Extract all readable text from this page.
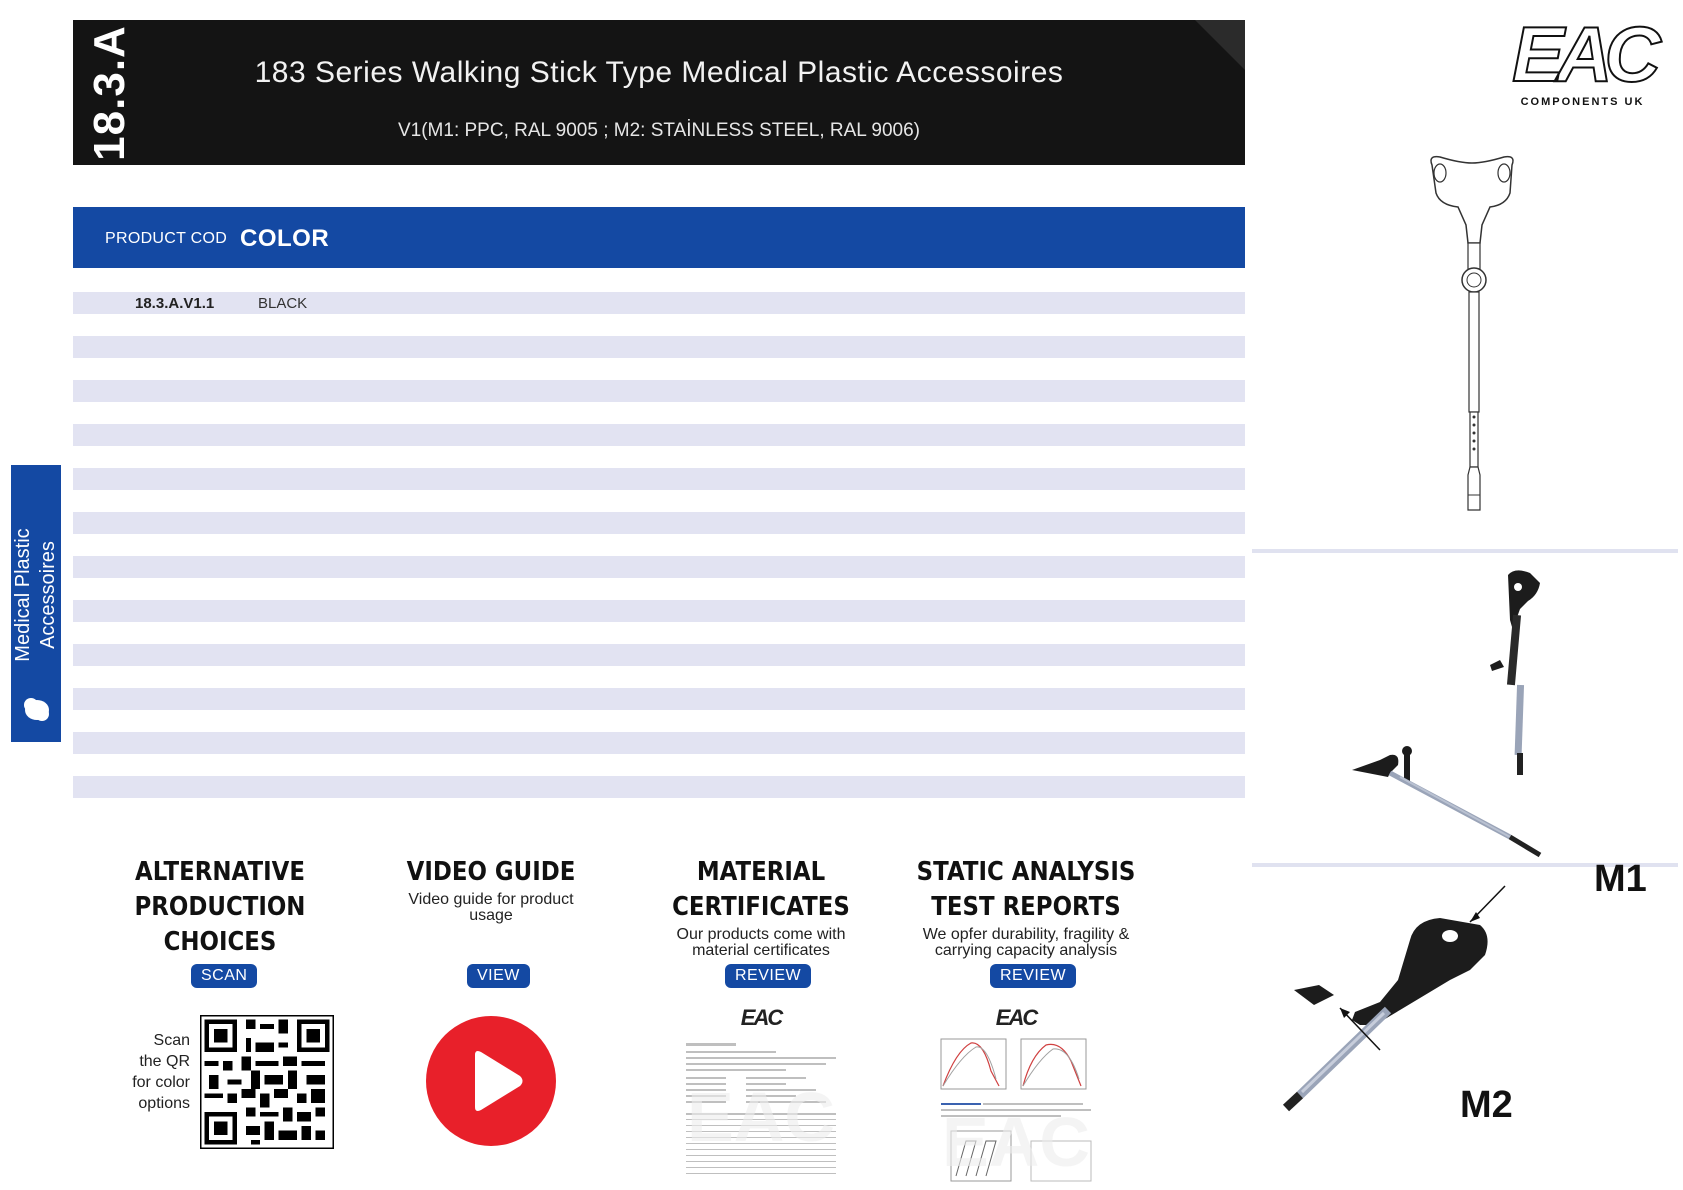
18.3.A	183 Series Walking Stick Type Medical Plastic Accessoires
V1(M1: PPC, RAL 9005 ; M2: STAİNLESS STEEL, RAL 9006)
PRODUCT COD COLOR
18.3.A.V1.1	BLACK
Medical Plastic Accessoires
EAC
COMPONENTS UK
M1
M2
ALTERNATIVE
PRODUCTION
CHOICES
SCAN
Scan
the QR
for color
options
VIDEO GUIDE
Video guide for product
usage
VIEW
MATERIAL
CERTIFICATES
Our products come with
material certificates
REVIEW
EAC
EAC
STATIC ANALYSIS
TEST REPORTS
We opfer durability, fragility &
carrying capacity analysis
REVIEW
EAC
EAC
